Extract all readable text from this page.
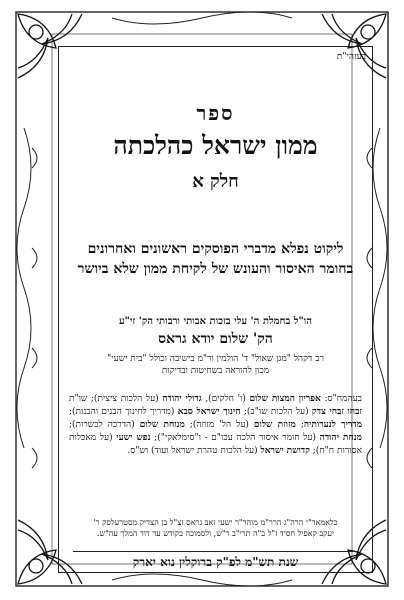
בעזהי"ת
ספר
ממון ישראל כהלכתה
חלק א
ליקוט נפלא מדברי הפוסקים ראשונים ואחרונים
בחומר האיסור והעונש של לקיחת ממון שלא ביושר
הו"ל בחמלת ה' עלי בזכות אבותי ורבותי הק' זי"ע
הק' שלום יודא גראס
רב דקהל "מגן שאול" ד' הולמין ור"מ בישיבה וכולל "בית ישעי"
מכון להוראה בשחיטות ובדיקות
בעהמח"ס: אפריון המצות שלום (ו' חלקים), גדולי יהודה (על הלכות ציצית); שו"ת זבחו זבחי צדק (על הלכות שו"ב); חינוך ישראל סבא (מדריך לחינוך הבנים והבנות); מדריך לנערותיה; מזוזת שלום (על הל' מזוזה); מנוחת שלום (הדרכה לכשרות); מנחת יהודה (על חומר איסור הלכה עכו"ם - ו"סימלאקי"); נפש ישעי (על מאכלות אסורות ח"ח); קדושת ישראל (על הלכות טהרת ישראל ועוד) וש"ס.
כלאמאר"י הרה"ג הרר"מ מוהר"ר ישעי זאב גראס זצ"ל בן הצדיק מסטרעלסק ר'
יעקב קאפיל חסיד ז"ל ב"ה תרי"ב ר"ש, ולסמוכה בקודש עד דוד המלך עה"ש.
שנת תש"מ לפ"ק ברוקלין נוא יארק
